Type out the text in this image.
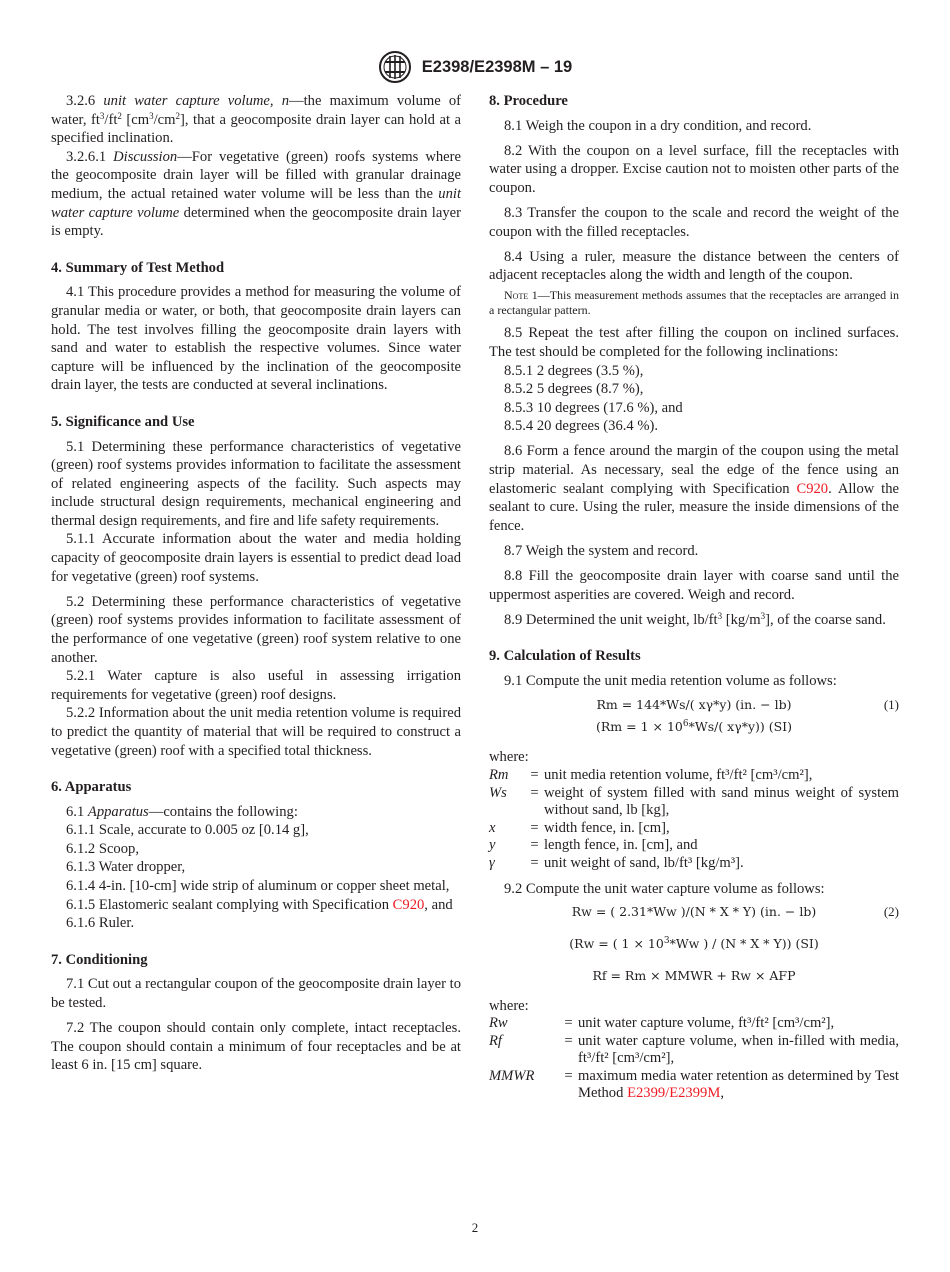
E2398/E2398M – 19

3.2.6 unit water capture volume, n—the maximum volume of water, $ft^3/ft^2$ $[cm^3/cm^2]$, that a geocomposite drain layer can hold at a specified inclination.

3.2.6.1 Discussion—For vegetative (green) roofs systems where the geocomposite drain layer will be filled with granular drainage medium, the actual retained water volume will be less than the unit water capture volume determined when the geocomposite drain layer is empty.

4. Summary of Test Method

4.1 This procedure provides a method for measuring the volume of granular media or water, or both, that geocomposite drain layers can hold. The test involves filling the geocomposite drain layers with sand and water to establish the respective volumes. Since water capture will be influenced by the inclination of the geocomposite drain layer, the tests are conducted at several inclinations.

5. Significance and Use

5.1 Determining these performance characteristics of vegetative (green) roof systems provides information to facilitate the assessment of related engineering aspects of the facility. Such aspects may include structural design requirements, mechanical engineering and thermal design requirements, and fire and life safety requirements.

5.1.1 Accurate information about the water and media holding capacity of geocomposite drain layers is essential to predict dead load for vegetative (green) roof systems.

5.2 Determining these performance characteristics of vegetative (green) roof systems provides information to facilitate assessment of the performance of one vegetative (green) roof system relative to one another.

5.2.1 Water capture is also useful in assessing irrigation requirements for vegetative (green) roof designs.

5.2.2 Information about the unit media retention volume is required to predict the quantity of material that will be required to construct a vegetative (green) roof with a specified total thickness.

6. Apparatus

6.1 Apparatus—contains the following:

6.1.1 Scale, accurate to 0.005 oz [0.14 g],

6.1.2 Scoop,

6.1.3 Water dropper,

6.1.4 4-in. [10-cm] wide strip of aluminum or copper sheet metal,

6.1.5 Elastomeric sealant complying with Specification C920, and

6.1.6 Ruler.

7. Conditioning

7.1 Cut out a rectangular coupon of the geocomposite drain layer to be tested.

7.2 The coupon should contain only complete, intact receptacles. The coupon should contain a minimum of four receptacles and be at least 6 in. [15 cm] square.

8. Procedure

8.1 Weigh the coupon in a dry condition, and record.

8.2 With the coupon on a level surface, fill the receptacles with water using a dropper. Excise caution not to moisten other parts of the coupon.

8.3 Transfer the coupon to the scale and record the weight of the coupon with the filled receptacles.

8.4 Using a ruler, measure the distance between the centers of adjacent receptacles along the width and length of the coupon.

Note 1—This measurement methods assumes that the receptacles are arranged in a rectangular pattern.

8.5 Repeat the test after filling the coupon on inclined surfaces. The test should be completed for the following inclinations:

8.5.1 2 degrees (3.5 %),

8.5.2 5 degrees (8.7 %),

8.5.3 10 degrees (17.6 %), and

8.5.4 20 degrees (36.4 %).

8.6 Form a fence around the margin of the coupon using the metal strip material. As necessary, seal the edge of the fence using an elastomeric sealant complying with Specification C920. Allow the sealant to cure. Using the ruler, measure the inside dimensions of the fence.

8.7 Weigh the system and record.

8.8 Fill the geocomposite drain layer with coarse sand until the uppermost asperities are covered. Weigh and record.

8.9 Determined the unit weight, $lb/ft^3$ $[kg/m^3]$, of the coarse sand.

9. Calculation of Results

9.1 Compute the unit media retention volume as follows:

Rm = 144*Ws/( xγ*y) (in. − lb)	(1)
($Rm = 1 \times 10^6*Ws/$( xγ*y)) (SI)

where:

Rm	=	unit media retention volume, ft³/ft² [cm³/cm²],
Ws	=	weight of system filled with sand minus weight of system without sand, lb [kg],
x	=	width fence, in. [cm],
y	=	length fence, in. [cm], and
γ	=	unit weight of sand, lb/ft³ [kg/m³].

9.2 Compute the unit water capture volume as follows:

Rw = ( 2.31*Ww )/(N * X * Y) (in. − lb)	(2)
(Rw = ( $1 \times 10^3*Ww$ ) / (N * X * Y)) (SI)
Rf = Rm × MMWR + Rw × AFP

where:

Rw	=	unit water capture volume, ft³/ft² [cm³/cm²],
Rf	=	unit water capture volume, when in-filled with media, ft³/ft² [cm³/cm²],
MMWR	=	maximum media water retention as determined by Test Method E2399/E2399M,
2
